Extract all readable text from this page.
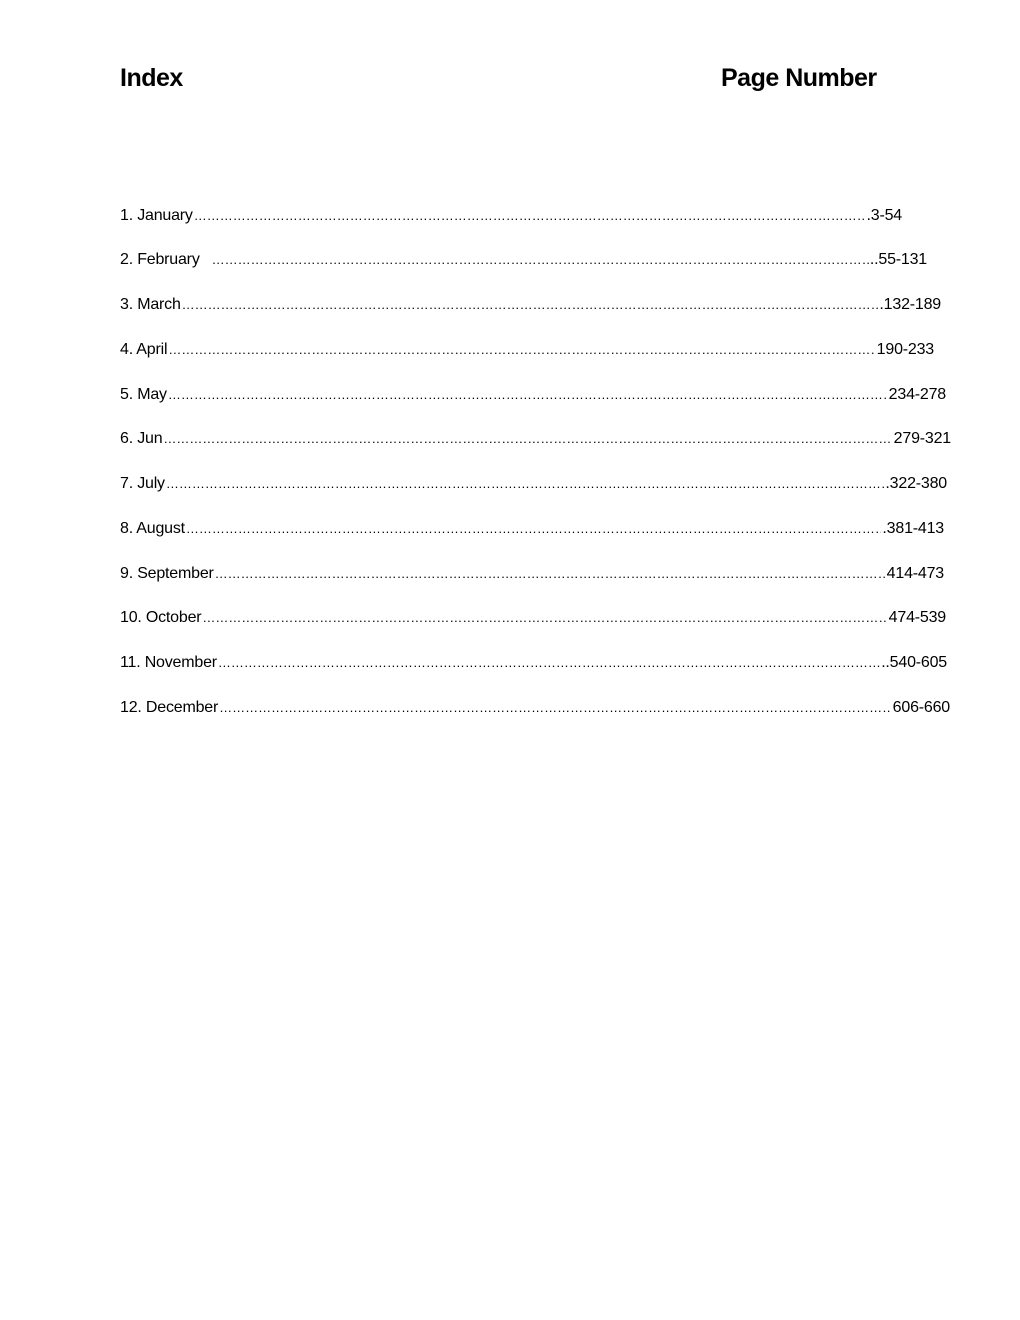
Index	Page Number
1. January …………………………………………………………………………………………………………………………………………………………………………………………………………	.3-54
2. February …………………………………………………………………………………………………………………………………………………………………………………………………………	..55-131
3. March …………………………………………………………………………………………………………………………………………………………………………………………………………	.132-189
4. April …………………………………………………………………………………………………………………………………………………………………………………………………………	190-233
5. May …………………………………………………………………………………………………………………………………………………………………………………………………………	234-278
6. Jun …………………………………………………………………………………………………………………………………………………………………………………………………………	279-321
7. July …………………………………………………………………………………………………………………………………………………………………………………………………………	.322-380
8. August …………………………………………………………………………………………………………………………………………………………………………………………………………	.381-413
9. September …………………………………………………………………………………………………………………………………………………………………………………………………………	414-473
10. October …………………………………………………………………………………………………………………………………………………………………………………………………………	474-539
11. November …………………………………………………………………………………………………………………………………………………………………………………………………………	..540-605
12. December …………………………………………………………………………………………………………………………………………………………………………………………………………	606-660
